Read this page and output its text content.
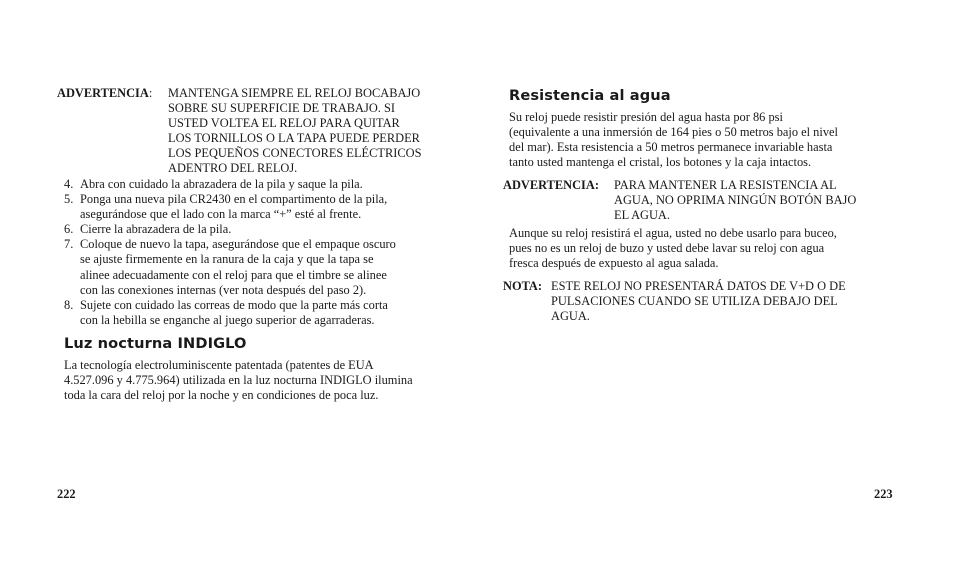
ADVERTENCIA: MANTENGA SIEMPRE EL RELOJ BOCABAJO
SOBRE SU SUPERFICIE DE TRABAJO. SI
USTED VOLTEA EL RELOJ PARA QUITAR
LOS TORNILLOS O LA TAPA PUEDE PERDER
LOS PEQUEÑOS CONECTORES ELÉCTRICOS
ADENTRO DEL RELOJ.
4. Abra con cuidado la abrazadera de la pila y saque la pila.
5. Ponga una nueva pila CR2430 en el compartimento de la pila,
asegurándose que el lado con la marca “+” esté al frente.
6. Cierre la abrazadera de la pila.
7. Coloque de nuevo la tapa, asegurándose que el empaque oscuro
se ajuste firmemente en la ranura de la caja y que la tapa se
alinee adecuadamente con el reloj para que el timbre se alinee
con las conexiones internas (ver nota después del paso 2).
8. Sujete con cuidado las correas de modo que la parte más corta
con la hebilla se enganche al juego superior de agarraderas.
Luz nocturna INDIGLO
La tecnología electroluminiscente patentada (patentes de EUA
4.527.096 y 4.775.964) utilizada en la luz nocturna INDIGLO ilumina
toda la cara del reloj por la noche y en condiciones de poca luz.
222
Resistencia al agua
Su reloj puede resistir presión del agua hasta por 86 psi
(equivalente a una inmersión de 164 pies o 50 metros bajo el nivel
del mar). Esta resistencia a 50 metros permanece invariable hasta
tanto usted mantenga el cristal, los botones y la caja intactos.
ADVERTENCIA: PARA MANTENER LA RESISTENCIA AL
AGUA, NO OPRIMA NINGÚN BOTÓN BAJO
EL AGUA.
Aunque su reloj resistirá el agua, usted no debe usarlo para buceo,
pues no es un reloj de buzo y usted debe lavar su reloj con agua
fresca después de expuesto al agua salada.
NOTA: ESTE RELOJ NO PRESENTARÁ DATOS DE V+D O DE
PULSACIONES CUANDO SE UTILIZA DEBAJO DEL
AGUA.
223
